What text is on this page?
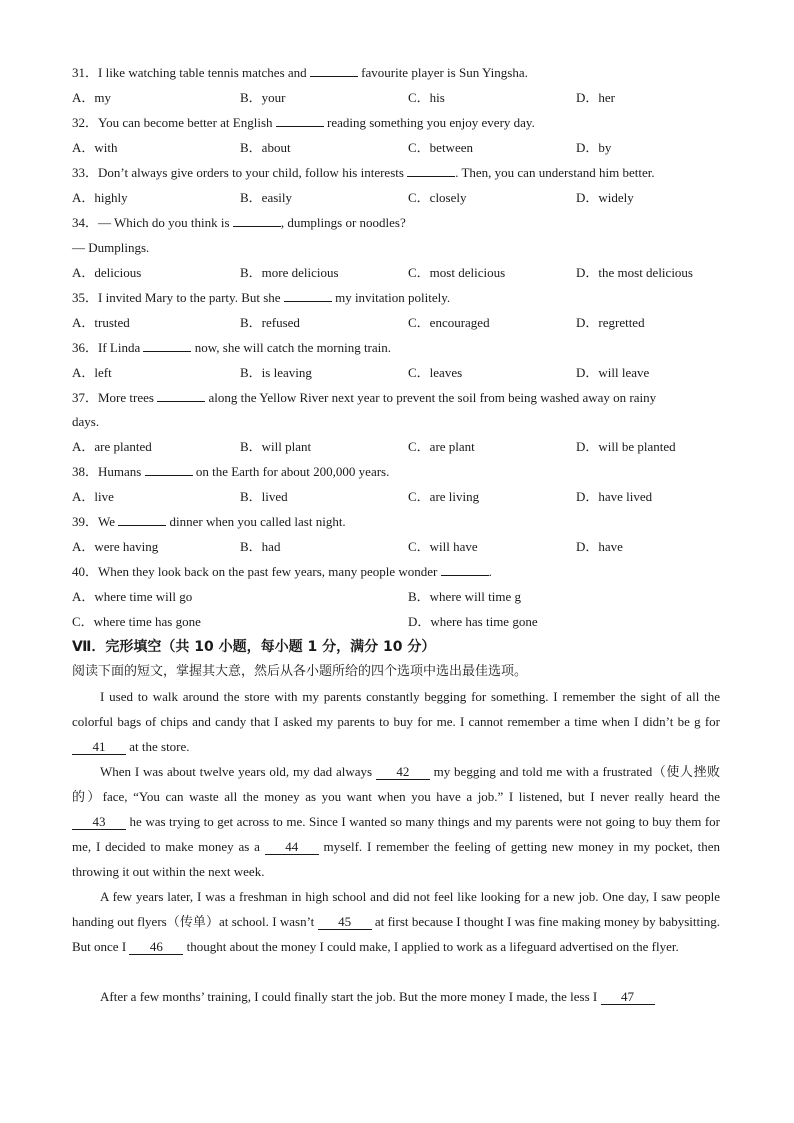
31．I like watching table tennis matches and	favourite player is Sun Yingsha.
A．my	B．your	C．his	D．her
32．You can become better at English	reading something you enjoy every day.
A．with	B．about	C．between	D．by
33．Don’t always give orders to your child, follow his interests	. Then, you can understand him better.
A．highly	B．easily	C．closely	D．widely
34．— Which do you think is	, dumplings or noodles?
— Dumplings.
A．delicious	B．more delicious	C．most delicious	D．the most delicious
35．I invited Mary to the party. But she	my invitation politely.
A．trusted	B．refused	C．encouraged	D．regretted
36．If Linda	now, she will catch the morning train.
A．left	B．is leaving	C．leaves	D．will leave
37．More trees	along the Yellow River next year to prevent the soil from being washed away on rainy
days.
A．are planted	B．will plant	C．are plant	D．will be planted
38．Humans	on the Earth for about 200,000 years.
A．live	B．lived	C．are living	D．have lived
39．We	dinner when you called last night.
A．were having	B．had	C．will have	D．have
40．When they look back on the past few years, many people wonder	.
A．where time will go	B．where will time g
C．where time has gone	D．where has time gone
Ⅶ．完形填空（共 10 小题，每小题 1 分，满分 10 分）
阅读下面的短文，掌握其大意，然后从各小题所给的四个选项中选出最佳选项。
I used to walk around the store with my parents constantly begging for something. I remember the sight of all the colorful bags of chips and candy that I asked my parents to buy for me. I cannot remember a time when I didn’t be g for 41 at the store.
When I was about twelve years old, my dad always 42 my begging and told me with a frustrated（使人挫败的）face, “You can waste all the money as you want when you have a job.” I listened, but I never really heard the 43 he was trying to get across to me. Since I wanted so many things and my parents were not going to buy them for me, I decided to make money as a 44 myself. I remember the feeling of getting new money in my pocket, then throwing it out within the next week.
A few years later, I was a freshman in high school and did not feel like looking for a new job. One day, I saw people handing out flyers（传单）at school. I wasn’t 45 at first because I thought I was fine making money by babysitting. But once I 46 thought about the money I could make, I applied to work as a lifeguard advertised on the flyer.
After a few months’ training, I could finally start the job. But the more money I made, the less I 47
